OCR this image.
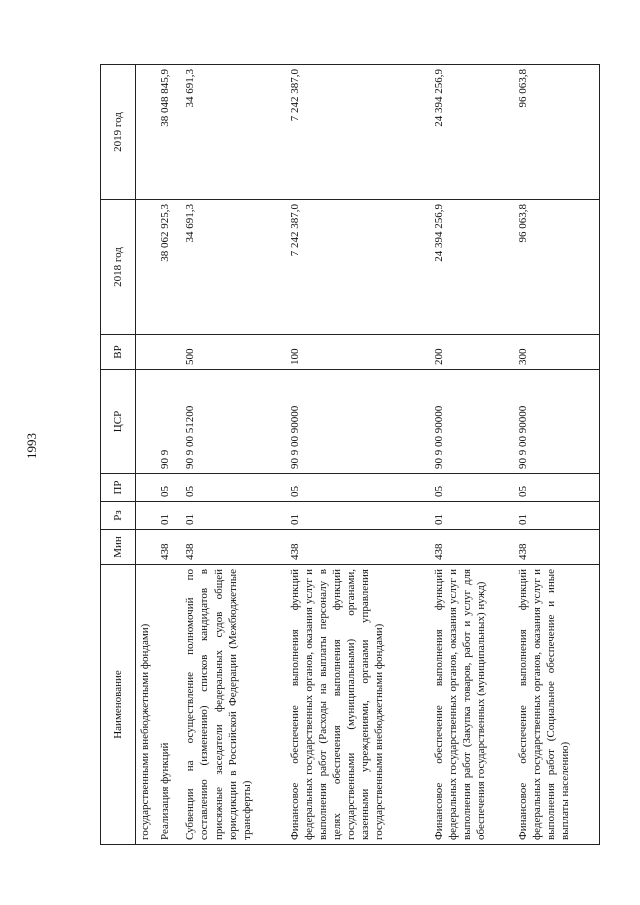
1993
Наименование	Мин	Рз	ПР	ЦСР	ВР	2018 год	2019 год
государственными внебюджетными фондами)							
Реализация функций	438	01	05	90 9		38 062 925,3	38 048 845,9
Субвенции на осуществление полномочий по составлению (изменению) списков кандидатов в присяжные заседатели федеральных судов общей юрисдикции в Российской Федерации (Межбюджетные трансферты)	438	01	05	90 9 00 51200	500	34 691,3	34 691,3
Финансовое обеспечение выполнения функций федеральных государственных органов, оказания услуг и выполнения работ (Расходы на выплаты персоналу в целях обеспечения выполнения функций государственными (муниципальными) органами, казенными учреждениями, органами управления государственными внебюджетными фондами)	438	01	05	90 9 00 90000	100	7 242 387,0	7 242 387,0
Финансовое обеспечение выполнения функций федеральных государственных органов, оказания услуг и выполнения работ (Закупка товаров, работ и услуг для обеспечения государственных (муниципальных) нужд)	438	01	05	90 9 00 90000	200	24 394 256,9	24 394 256,9
Финансовое обеспечение выполнения функций федеральных государственных органов, оказания услуг и выполнения работ (Социальное обеспечение и иные выплаты населению)	438	01	05	90 9 00 90000	300	96 063,8	96 063,8
